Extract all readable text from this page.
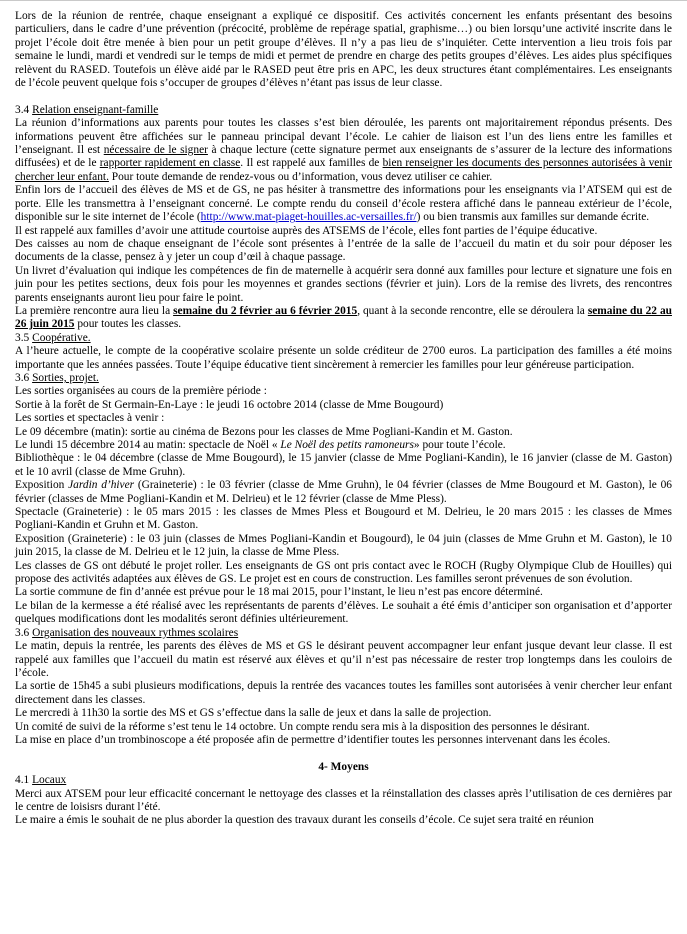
Lors de la réunion de rentrée, chaque enseignant a expliqué ce dispositif. Ces activités concernent les enfants présentant des besoins particuliers, dans le cadre d’une prévention (précocité, problème de repérage spatial, graphisme…) ou bien lorsqu’une activité inscrite dans le projet l’école doit être menée à bien pour un petit groupe d’élèves. Il n’y a pas lieu de s’inquiéter. Cette intervention a lieu trois fois par semaine le lundi, mardi et vendredi sur le temps de midi et permet de prendre en charge des petits groupes d’élèves. Les aides plus spécifiques relèvent du RASED. Toutefois un élève aidé par le RASED peut être pris en APC, les deux structures étant complémentaires. Les enseignants de l’école peuvent quelque fois s’occuper de groupes d’élèves n’étant pas issus de leur classe.

3.4 Relation enseignant-famille

La réunion d’informations aux parents pour toutes les classes s’est bien déroulée, les parents ont majoritairement répondus présents. Des informations peuvent être affichées sur le panneau principal devant l’école. Le cahier de liaison est l’un des liens entre les familles et l’enseignant. Il est nécessaire de le signer à chaque lecture (cette signature permet aux enseignants de s’assurer de la lecture des informations diffusées) et de le rapporter rapidement en classe. Il est rappelé aux familles de bien renseigner les documents des personnes autorisées à venir chercher leur enfant. Pour toute demande de rendez-vous ou d’information, vous devez utiliser ce cahier.

Enfin lors de l’accueil des élèves de MS et de GS, ne pas hésiter à transmettre des informations pour les enseignants via l’ATSEM qui est de porte. Elle les transmettra à l’enseignant concerné. Le compte rendu du conseil d’école restera affiché dans le panneau extérieur de l’école, disponible sur le site internet de l’école (http://www.mat-piaget-houilles.ac-versailles.fr/) ou bien transmis aux familles sur demande écrite.

Il est rappelé aux familles d’avoir une attitude courtoise auprès des ATSEMS de l’école, elles font parties de l’équipe éducative.

Des caisses au nom de chaque enseignant de l’école sont présentes à l’entrée de la salle de l’accueil du matin et du soir pour déposer les documents de la classe, pensez à y jeter un coup d’œil à chaque passage.

Un livret d’évaluation qui indique les compétences de fin de maternelle à acquérir sera donné aux familles pour lecture et signature une fois en juin pour les petites sections, deux fois pour les moyennes et grandes sections (février et juin). Lors de la remise des livrets, des rencontres parents enseignants auront lieu pour faire le point.

La première rencontre aura lieu la semaine du 2 février au 6 février 2015, quant à la seconde rencontre, elle se déroulera la semaine du 22 au 26 juin 2015 pour toutes les classes.

3.5 Coopérative.

A l’heure actuelle, le compte de la coopérative scolaire présente un solde créditeur de 2700 euros. La participation des familles a été moins importante que les années passées. Toute l’équipe éducative tient sincèrement à remercier les familles pour leur généreuse participation.

3.6 Sorties, projet.

Les sorties organisées au cours de la première période :

Sortie à la forêt de St Germain-En-Laye : le jeudi 16 octobre 2014 (classe de Mme Bougourd)

Les sorties et spectacles à venir :

Le 09 décembre (matin): sortie au cinéma de Bezons pour les classes de Mme Pogliani-Kandin et M. Gaston.

Le lundi 15 décembre 2014 au matin: spectacle de Noël « Le Noël des petits ramoneurs» pour toute l’école.

Bibliothèque : le 04 décembre (classe de Mme Bougourd), le 15 janvier (classe de Mme Pogliani-Kandin), le 16 janvier (classe de M. Gaston) et le 10 avril (classe de Mme Gruhn).

Exposition Jardin d’hiver (Graineterie) : le 03 février (classe de Mme Gruhn), le 04 février (classes de Mme Bougourd et M. Gaston), le 06 février (classes de Mme Pogliani-Kandin et M. Delrieu) et le 12 février (classe de Mme Pless).

Spectacle (Graineterie) : le 05 mars 2015 : les classes de Mmes Pless et Bougourd et M. Delrieu, le 20 mars 2015 : les classes de Mmes Pogliani-Kandin et Gruhn et M. Gaston.

Exposition (Graineterie) : le 03 juin (classes de Mmes Pogliani-Kandin et Bougourd), le 04 juin (classes de Mme Gruhn et M. Gaston), le 10 juin 2015, la classe de M. Delrieu et le 12 juin, la classe de Mme Pless.

Les classes de GS ont débuté le projet roller. Les enseignants de GS ont pris contact avec le ROCH (Rugby Olympique Club de Houilles) qui propose des activités adaptées aux élèves de GS. Le projet est en cours de construction. Les familles seront prévenues de son évolution.

La sortie commune de fin d’année est prévue pour le 18 mai 2015, pour l’instant, le lieu n’est pas encore déterminé.

Le bilan de la kermesse a été réalisé avec les représentants de parents d’élèves. Le souhait a été émis d’anticiper son organisation et d’apporter quelques modifications dont les modalités seront définies ultérieurement.

3.6 Organisation des nouveaux rythmes scolaires

Le matin, depuis la rentrée, les parents des élèves de MS et GS le désirant peuvent accompagner leur enfant jusque devant leur classe. Il est rappelé aux familles que l’accueil du matin est réservé aux élèves et qu’il n’est pas nécessaire de rester trop longtemps dans les couloirs de l’école.

La sortie de 15h45 a subi plusieurs modifications, depuis la rentrée des vacances toutes les familles sont autorisées à venir chercher leur enfant directement dans les classes.

Le mercredi à 11h30 la sortie des MS et GS s’effectue dans la salle de jeux et dans la salle de projection.

Un comité de suivi de la réforme s’est tenu le 14 octobre. Un compte rendu sera mis à la disposition des personnes le désirant.

La mise en place d’un trombinoscope a été proposée afin de permettre d’identifier toutes les personnes intervenant dans les écoles.

4- Moyens

4.1 Locaux

Merci aux ATSEM pour leur efficacité concernant le nettoyage des classes et la réinstallation des classes après l’utilisation de ces dernières par le centre de loisisrs durant l’été.

Le maire a émis le souhait de ne plus aborder la question des travaux durant les conseils d’école. Ce sujet sera traité en réunion
